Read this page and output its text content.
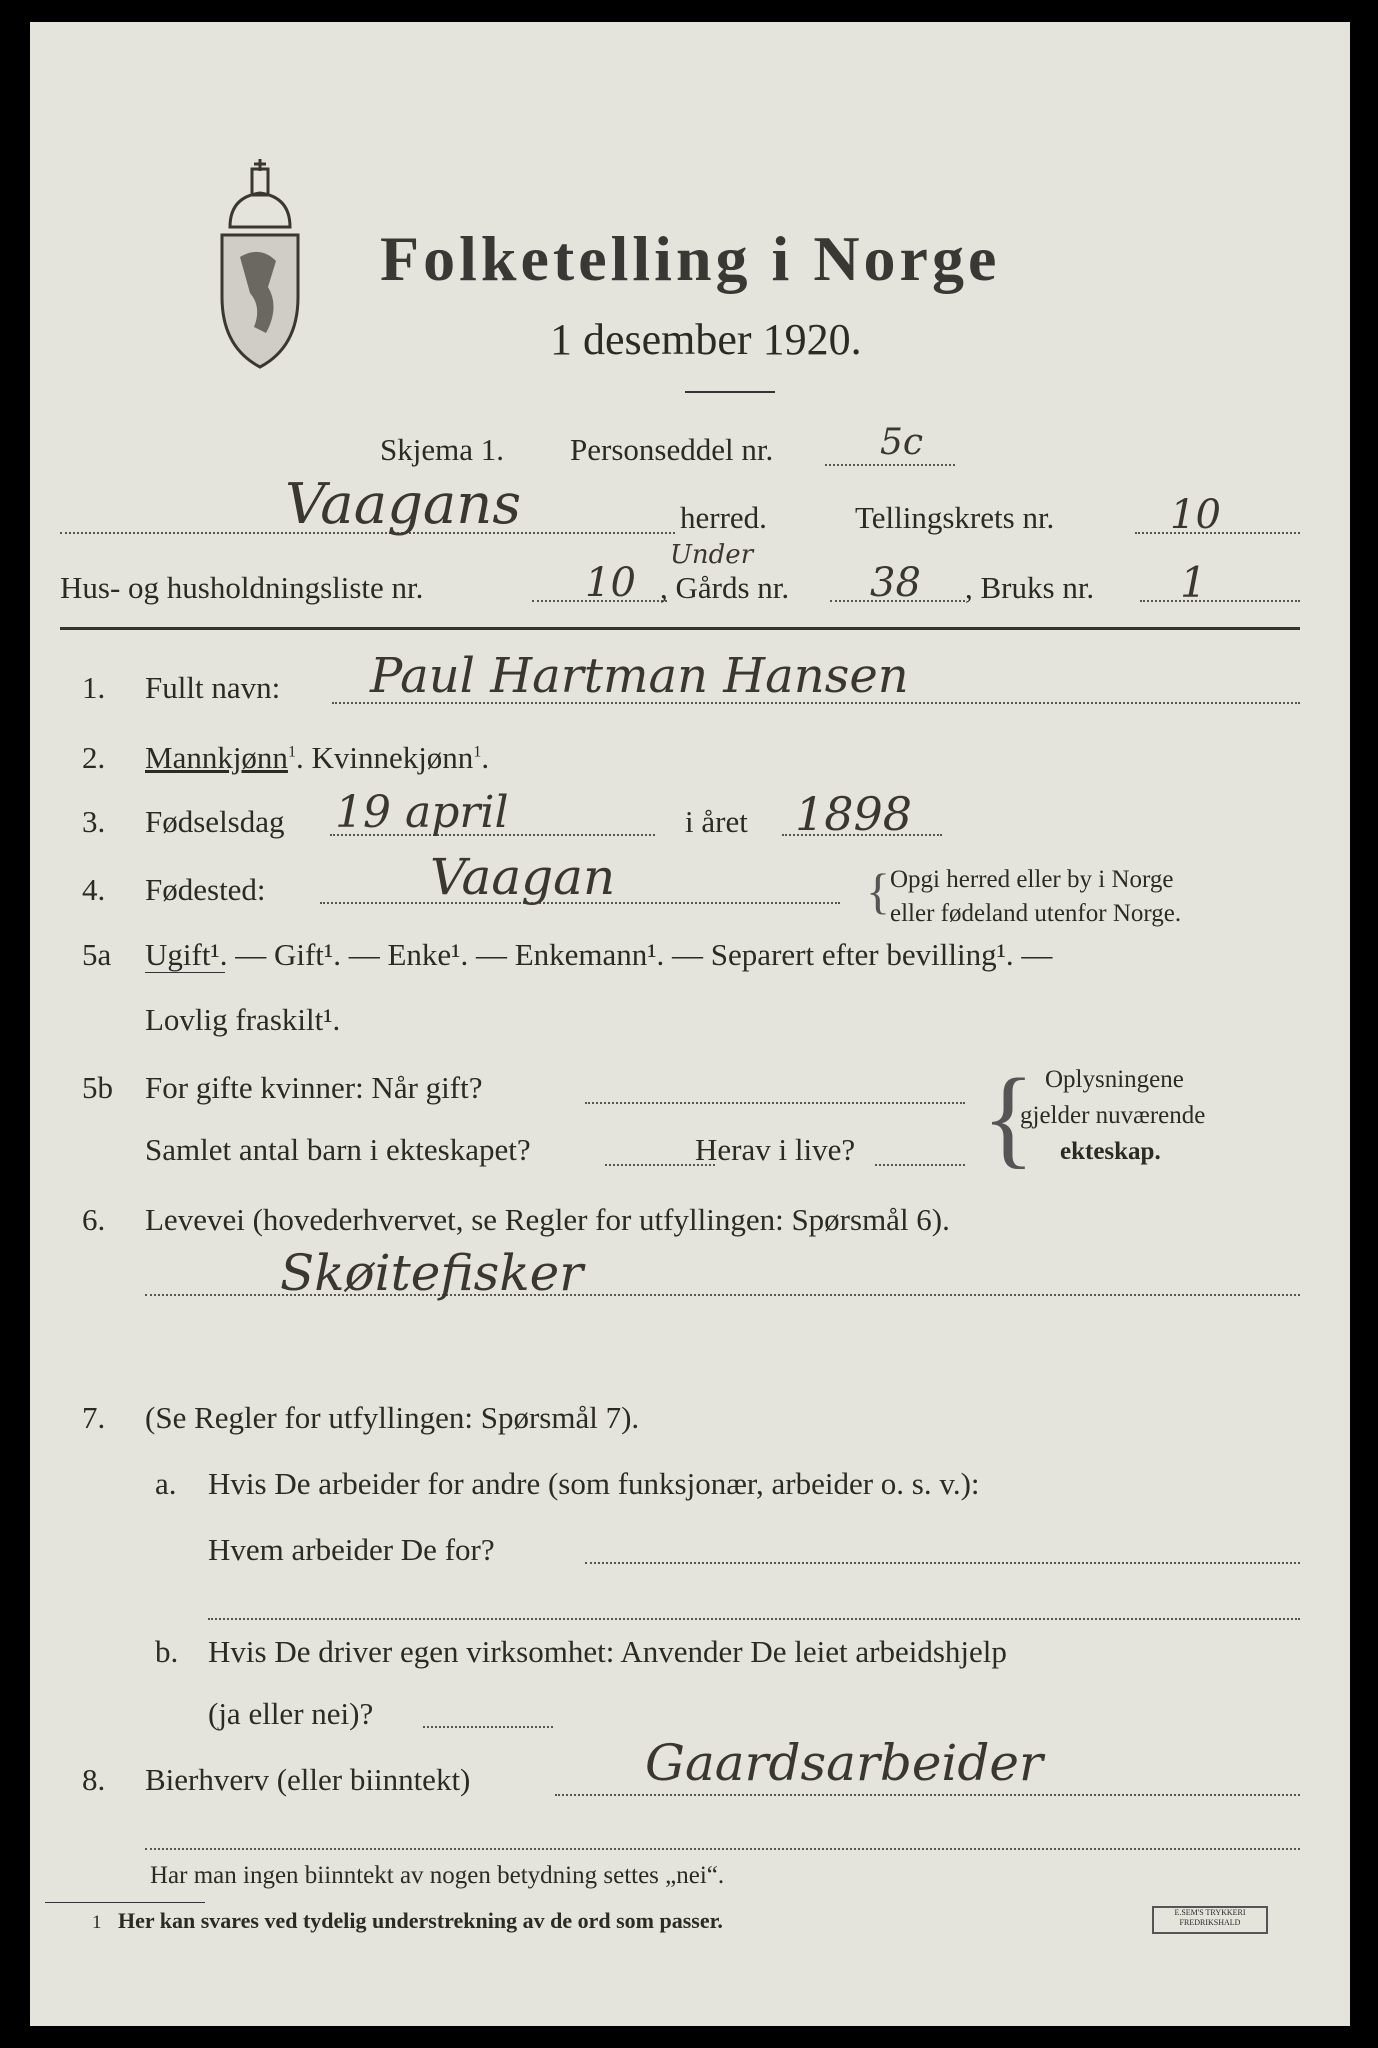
Folketelling i Norge
1 desember 1920.
Skjema 1. Personseddel nr.	5c
Vaagans	herred.	Tellingskrets nr.	10
Hus- og husholdningsliste nr.	10
Under
, Gårds nr. 38 , Bruks nr. 1
1. Fullt navn: Paul Hartman Hansen
2. Mannkjønn$^1$. Kvinnekjønn$^1$.
3. Fødselsdag 19 april	i året 1898
4. Fødested:	Vaagan	{ Opgi herred eller by i Norge
eller fødeland utenfor Norge.
5a Ugift¹. — Gift¹. — Enke¹. — Enkemann¹. — Separert efter bevilling¹. —
Lovlig fraskilt¹.
5b For gifte kvinner: Når gift?
Samlet antal barn i ekteskapet?	Herav i live? { Oplysningene
gjelder nuværende
ekteskap.
6. Levevei (hovederhvervet, se Regler for utfyllingen: Spørsmål 6).
Skøitefisker
7. (Se Regler for utfyllingen: Spørsmål 7).
a. Hvis De arbeider for andre (som funksjonær, arbeider o. s. v.):
Hvem arbeider De for?
b. Hvis De driver egen virksomhet: Anvender De leiet arbeidshjelp
(ja eller nei)?
8. Bierhverv (eller biinntekt)	Gaardsarbeider
Har man ingen biinntekt av nogen betydning settes „nei“.
1 Her kan svares ved tydelig understrekning av de ord som passer.	E.SEM'S TRYKKERI FREDRIKSHALD
